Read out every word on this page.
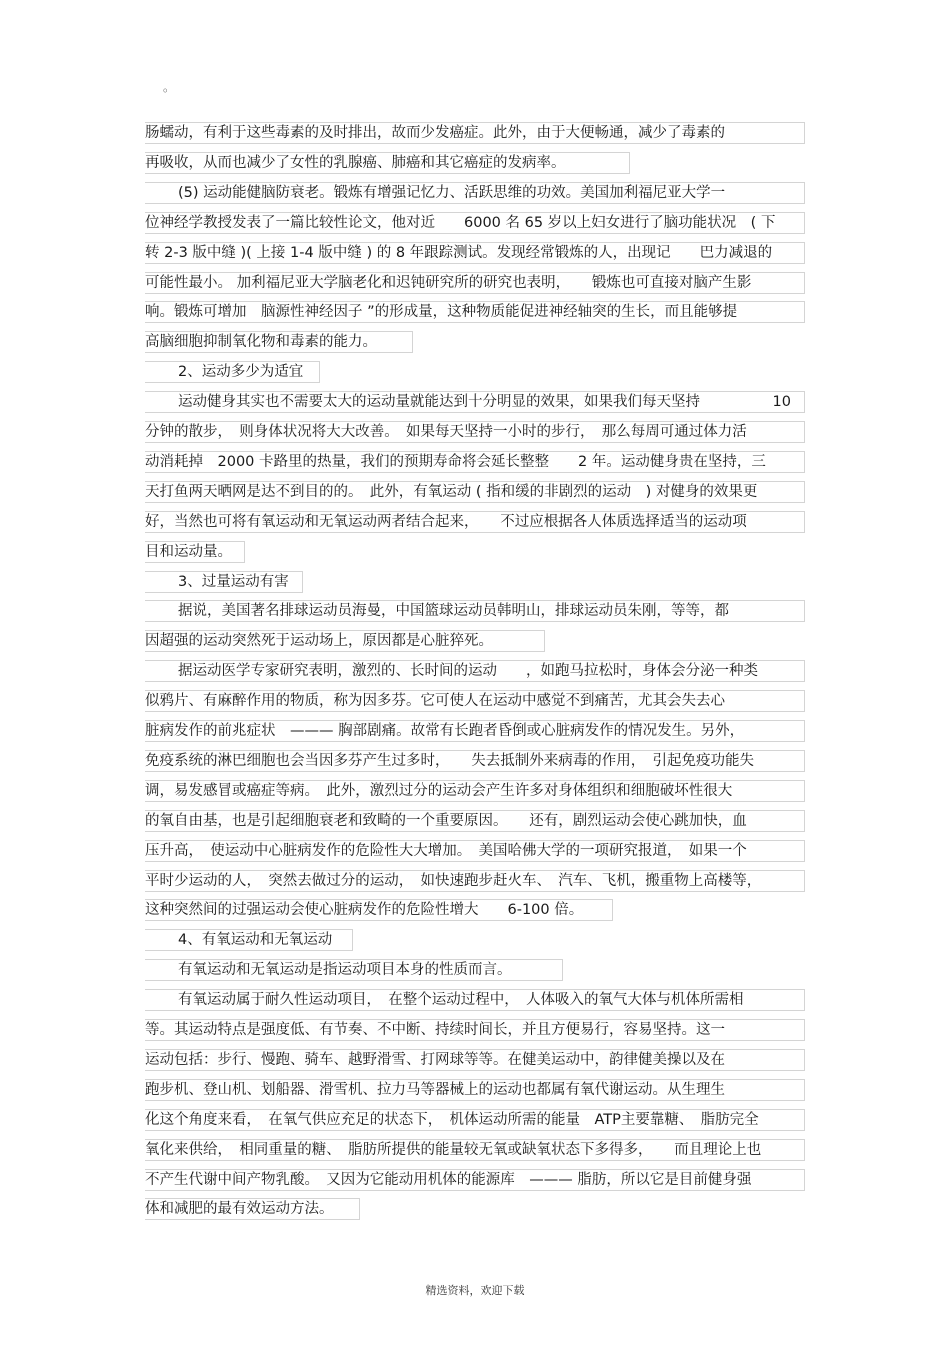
。
肠蠕动，有利于这些毒素的及时排出，故而少发癌症。此外，由于大便畅通，减少了毒素的
再吸收，从而也减少了女性的乳腺癌、肺癌和其它癌症的发病率。
(5) 运动能健脑防衰老。锻炼有增强记忆力、活跃思维的功效。美国加利福尼亚大学一
位神经学教授发表了一篇比较性论文，他对近　　6000 名 65 岁以上妇女进行了脑功能状况　( 下
转 2-3 版中缝 )( 上接 1-4 版中缝 ) 的 8 年跟踪测试。发现经常锻炼的人，出现记　　巴力减退的
可能性最小。 加利福尼亚大学脑老化和迟钝研究所的研究也表明，　　锻炼也可直接对脑产生影
响。锻炼可增加　脑源性神经因子 ”的形成量，这种物质能促进神经轴突的生长，而且能够提
高脑细胞抑制氧化物和毒素的能力。
2、运动多少为适宜
运动健身其实也不需要太大的运动量就能达到十分明显的效果，如果我们每天坚持　　　　　10
分钟的散步，　则身体状况将大大改善。　如果每天坚持一小时的步行，　那么每周可通过体力活
动消耗掉　2000 卡路里的热量，我们的预期寿命将会延长整整　　2 年。运动健身贵在坚持，三
天打鱼两天晒网是达不到目的的。　此外，有氧运动 ( 指和缓的非剧烈的运动　) 对健身的效果更
好，当然也可将有氧运动和无氧运动两者结合起来，　　不过应根据各人体质选择适当的运动项
目和运动量。
3、过量运动有害
据说，美国著名排球运动员海曼，中国篮球运动员韩明山，排球运动员朱刚，等等，都
因超强的运动突然死于运动场上，原因都是心脏猝死。
据运动医学专家研究表明，激烈的、长时间的运动　　，如跑马拉松时，身体会分泌一种类
似鸦片、有麻醉作用的物质，称为因多芬。它可使人在运动中感觉不到痛苦，尤其会失去心
脏病发作的前兆症状　——— 胸部剧痛。故常有长跑者昏倒或心脏病发作的情况发生。另外，
免疫系统的淋巴细胞也会当因多芬产生过多时，　　失去抵制外来病毒的作用，　引起免疫功能失
调，易发感冒或癌症等病。　此外，激烈过分的运动会产生许多对身体组织和细胞破坏性很大
的氧自由基，也是引起细胞衰老和致畸的一个重要原因。　　还有，剧烈运动会使心跳加快，血
压升高，　使运动中心脏病发作的危险性大大增加。　美国哈佛大学的一项研究报道，　如果一个
平时少运动的人，　突然去做过分的运动，　如快速跑步赶火车、　汽车、飞机，搬重物上高楼等，
这种突然间的过强运动会使心脏病发作的危险性增大　　6-100 倍。
4、有氧运动和无氧运动
有氧运动和无氧运动是指运动项目本身的性质而言。
有氧运动属于耐久性运动项目，　在整个运动过程中，　人体吸入的氧气大体与机体所需相
等。其运动特点是强度低、有节奏、不中断、持续时间长，并且方便易行，容易坚持。这一
运动包括：步行、慢跑、骑车、越野滑雪、打网球等等。在健美运动中，韵律健美操以及在
跑步机、登山机、划船器、滑雪机、拉力马等器械上的运动也都属有氧代谢运动。从生理生
化这个角度来看，　在氧气供应充足的状态下，　机体运动所需的能量　ATP主要靠糖、　脂肪完全
氧化来供给，　相同重量的糖、　脂肪所提供的能量较无氧或缺氧状态下多得多，　　而且理论上也
不产生代谢中间产物乳酸。　又因为它能动用机体的能源库　——— 脂肪，所以它是目前健身强
体和减肥的最有效运动方法。
精选资料，欢迎下载
